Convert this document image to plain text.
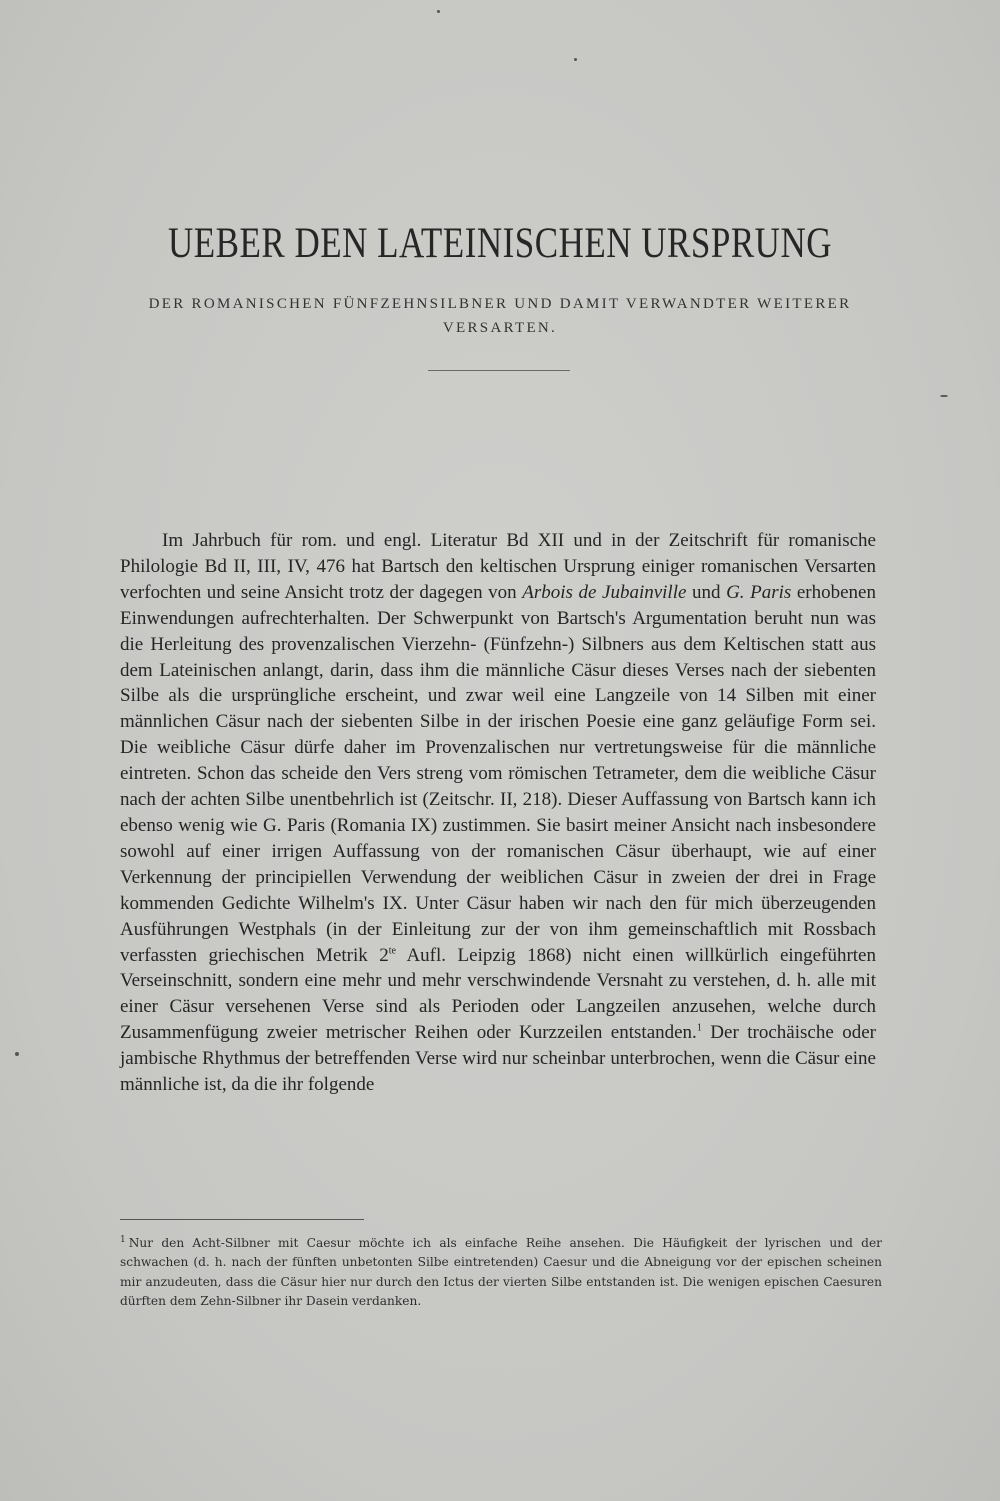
UEBER DEN LATEINISCHEN URSPRUNG
DER ROMANISCHEN FÜNFZEHNSILBNER UND DAMIT VERWANDTER WEITERER VERSARTEN.

Im Jahrbuch für rom. und engl. Literatur Bd XII und in der Zeitschrift für romanische Philologie Bd II, III, IV, 476 hat Bartsch den keltischen Ursprung einiger romanischen Versarten verfochten und seine Ansicht trotz der dagegen von Arbois de Jubainville und G. Paris erhobenen Einwendungen aufrechterhalten. Der Schwerpunkt von Bartsch's Argumentation beruht nun was die Herleitung des provenzalischen Vierzehn- (Fünfzehn-) Silbners aus dem Keltischen statt aus dem Lateinischen anlangt, darin, dass ihm die männliche Cäsur dieses Verses nach der siebenten Silbe als die ursprüngliche erscheint, und zwar weil eine Langzeile von 14 Silben mit einer männlichen Cäsur nach der siebenten Silbe in der irischen Poesie eine ganz geläufige Form sei. Die weibliche Cäsur dürfe daher im Provenzalischen nur vertretungsweise für die männliche eintreten. Schon das scheide den Vers streng vom römischen Tetrameter, dem die weibliche Cäsur nach der achten Silbe unentbehrlich ist (Zeitschr. II, 218). Dieser Auffassung von Bartsch kann ich ebenso wenig wie G. Paris (Romania IX) zustimmen. Sie basirt meiner Ansicht nach insbesondere sowohl auf einer irrigen Auffassung von der romanischen Cäsur überhaupt, wie auf einer Verkennung der principiellen Verwendung der weiblichen Cäsur in zweien der drei in Frage kommenden Gedichte Wilhelm's IX. Unter Cäsur haben wir nach den für mich überzeugenden Ausführungen Westphals (in der Einleitung zur der von ihm gemeinschaftlich mit Rossbach verfassten griechischen Metrik $2^{te}$ Aufl. Leipzig 1868) nicht einen willkürlich eingeführten Verseinschnitt, sondern eine mehr und mehr verschwindende Versnaht zu verstehen, d. h. alle mit einer Cäsur versehenen Verse sind als Perioden oder Langzeilen anzusehen, welche durch Zusammenfügung zweier metrischer Reihen oder Kurzzeilen entstanden.$^1$ Der trochäische oder jambische Rhythmus der betreffenden Verse wird nur scheinbar unterbrochen, wenn die Cäsur eine männliche ist, da die ihr folgende

$^1$ Nur den Acht-Silbner mit Caesur möchte ich als einfache Reihe ansehen. Die Häufigkeit der lyrischen und der schwachen (d. h. nach der fünften unbetonten Silbe eintretenden) Caesur und die Abneigung vor der epischen scheinen mir anzudeuten, dass die Cäsur hier nur durch den Ictus der vierten Silbe entstanden ist. Die wenigen epischen Caesuren dürften dem Zehn-Silbner ihr Dasein verdanken.
